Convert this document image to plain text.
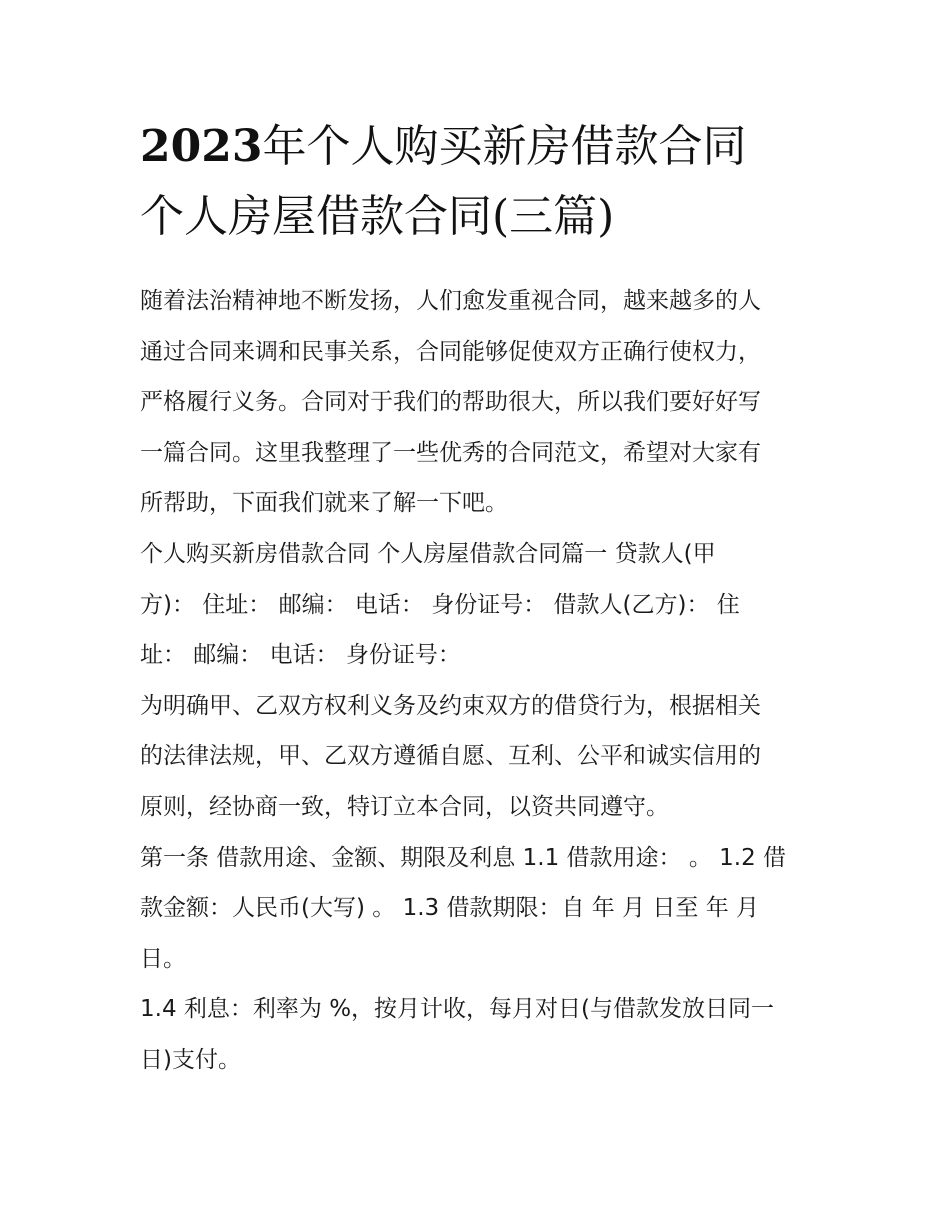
2023年个人购买新房借款合同
个人房屋借款合同(三篇)
随着法治精神地不断发扬，人们愈发重视合同，越来越多的人
通过合同来调和民事关系，合同能够促使双方正确行使权力，
严格履行义务。合同对于我们的帮助很大，所以我们要好好写
一篇合同。这里我整理了一些优秀的合同范文，希望对大家有
所帮助，下面我们就来了解一下吧。
个人购买新房借款合同 个人房屋借款合同篇一 贷款人(甲
方)： 住址： 邮编： 电话： 身份证号： 借款人(乙方)： 住
址： 邮编： 电话： 身份证号：
为明确甲、乙双方权利义务及约束双方的借贷行为，根据相关
的法律法规，甲、乙双方遵循自愿、互利、公平和诚实信用的
原则，经协商一致，特订立本合同，以资共同遵守。
第一条 借款用途、金额、期限及利息 1.1 借款用途： 。 1.2 借
款金额：人民币(大写) 。 1.3 借款期限：自 年 月 日至 年 月
日。
1.4 利息：利率为 %，按月计收，每月对日(与借款发放日同一
日)支付。
